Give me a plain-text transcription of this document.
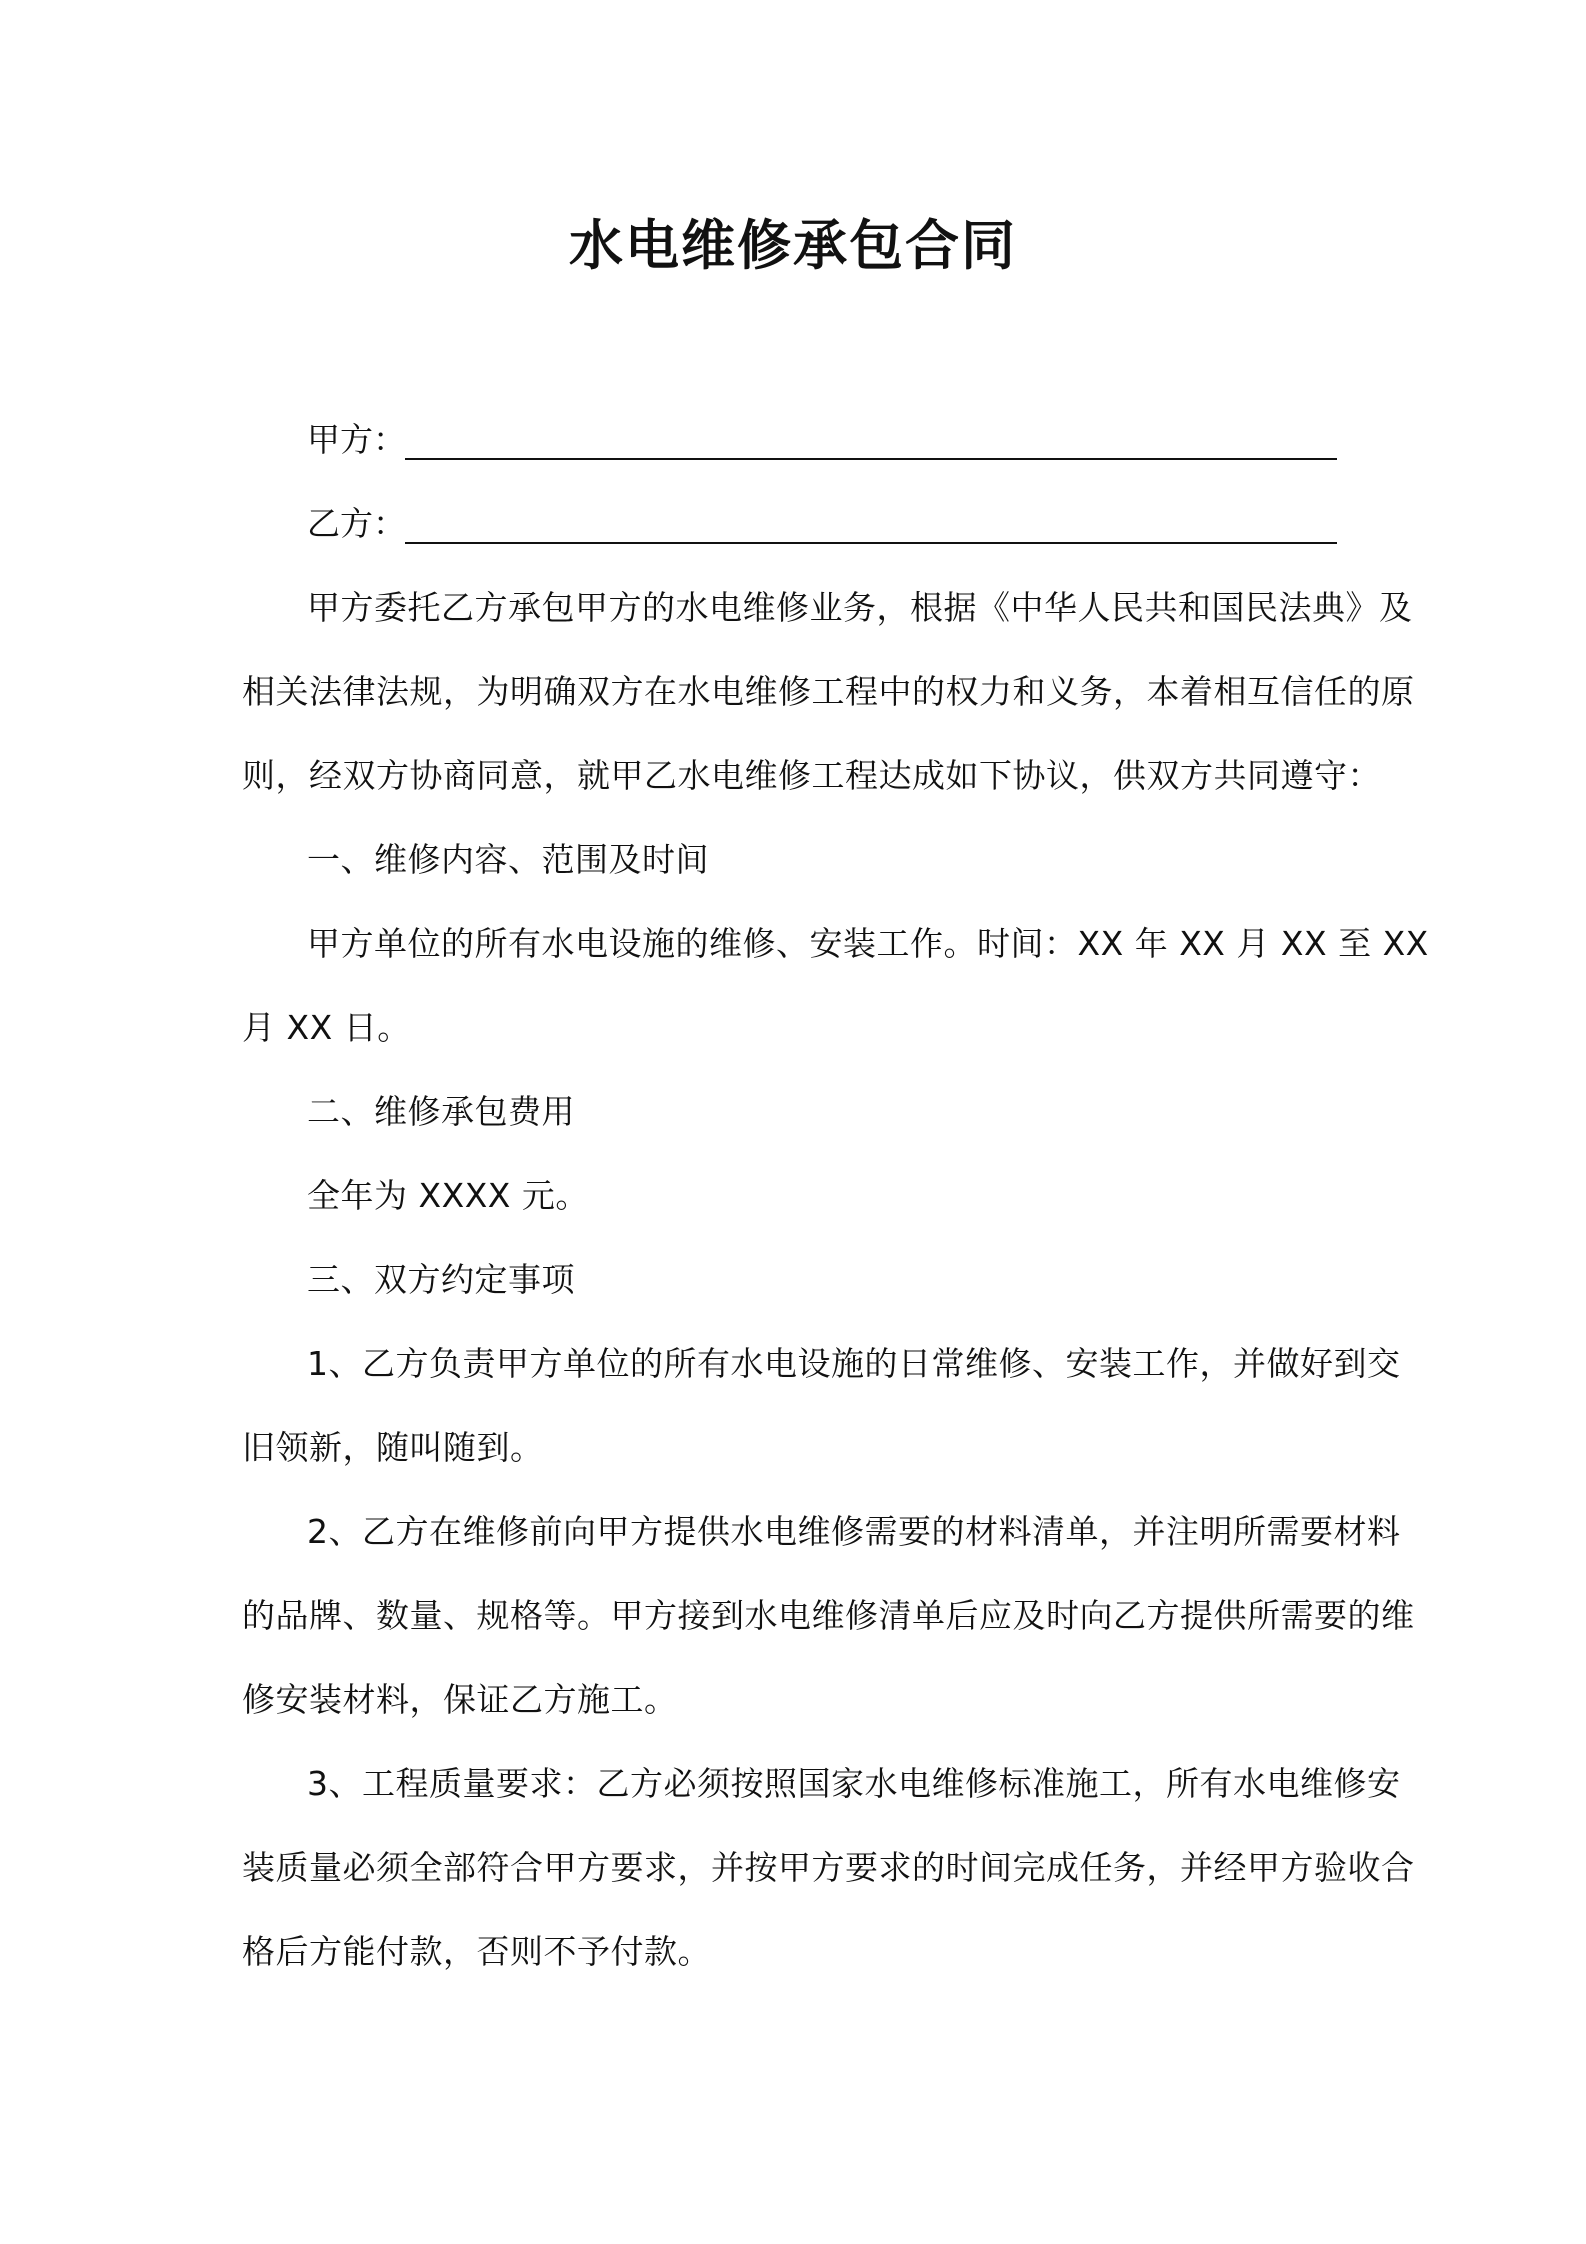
水电维修承包合同
甲方：
乙方：
甲方委托乙方承包甲方的水电维修业务，根据《中华人民共和国民法典》及
相关法律法规，为明确双方在水电维修工程中的权力和义务，本着相互信任的原
则，经双方协商同意，就甲乙水电维修工程达成如下协议，供双方共同遵守：
一、维修内容、范围及时间
甲方单位的所有水电设施的维修、安装工作。时间：XX 年 XX 月 XX 至 XX
月 XX 日。
二、维修承包费用
全年为 XXXX 元。
三、双方约定事项
1、乙方负责甲方单位的所有水电设施的日常维修、安装工作，并做好到交
旧领新，随叫随到。
2、乙方在维修前向甲方提供水电维修需要的材料清单，并注明所需要材料
的品牌、数量、规格等。甲方接到水电维修清单后应及时向乙方提供所需要的维
修安装材料，保证乙方施工。
3、工程质量要求：乙方必须按照国家水电维修标准施工，所有水电维修安
装质量必须全部符合甲方要求，并按甲方要求的时间完成任务，并经甲方验收合
格后方能付款，否则不予付款。
